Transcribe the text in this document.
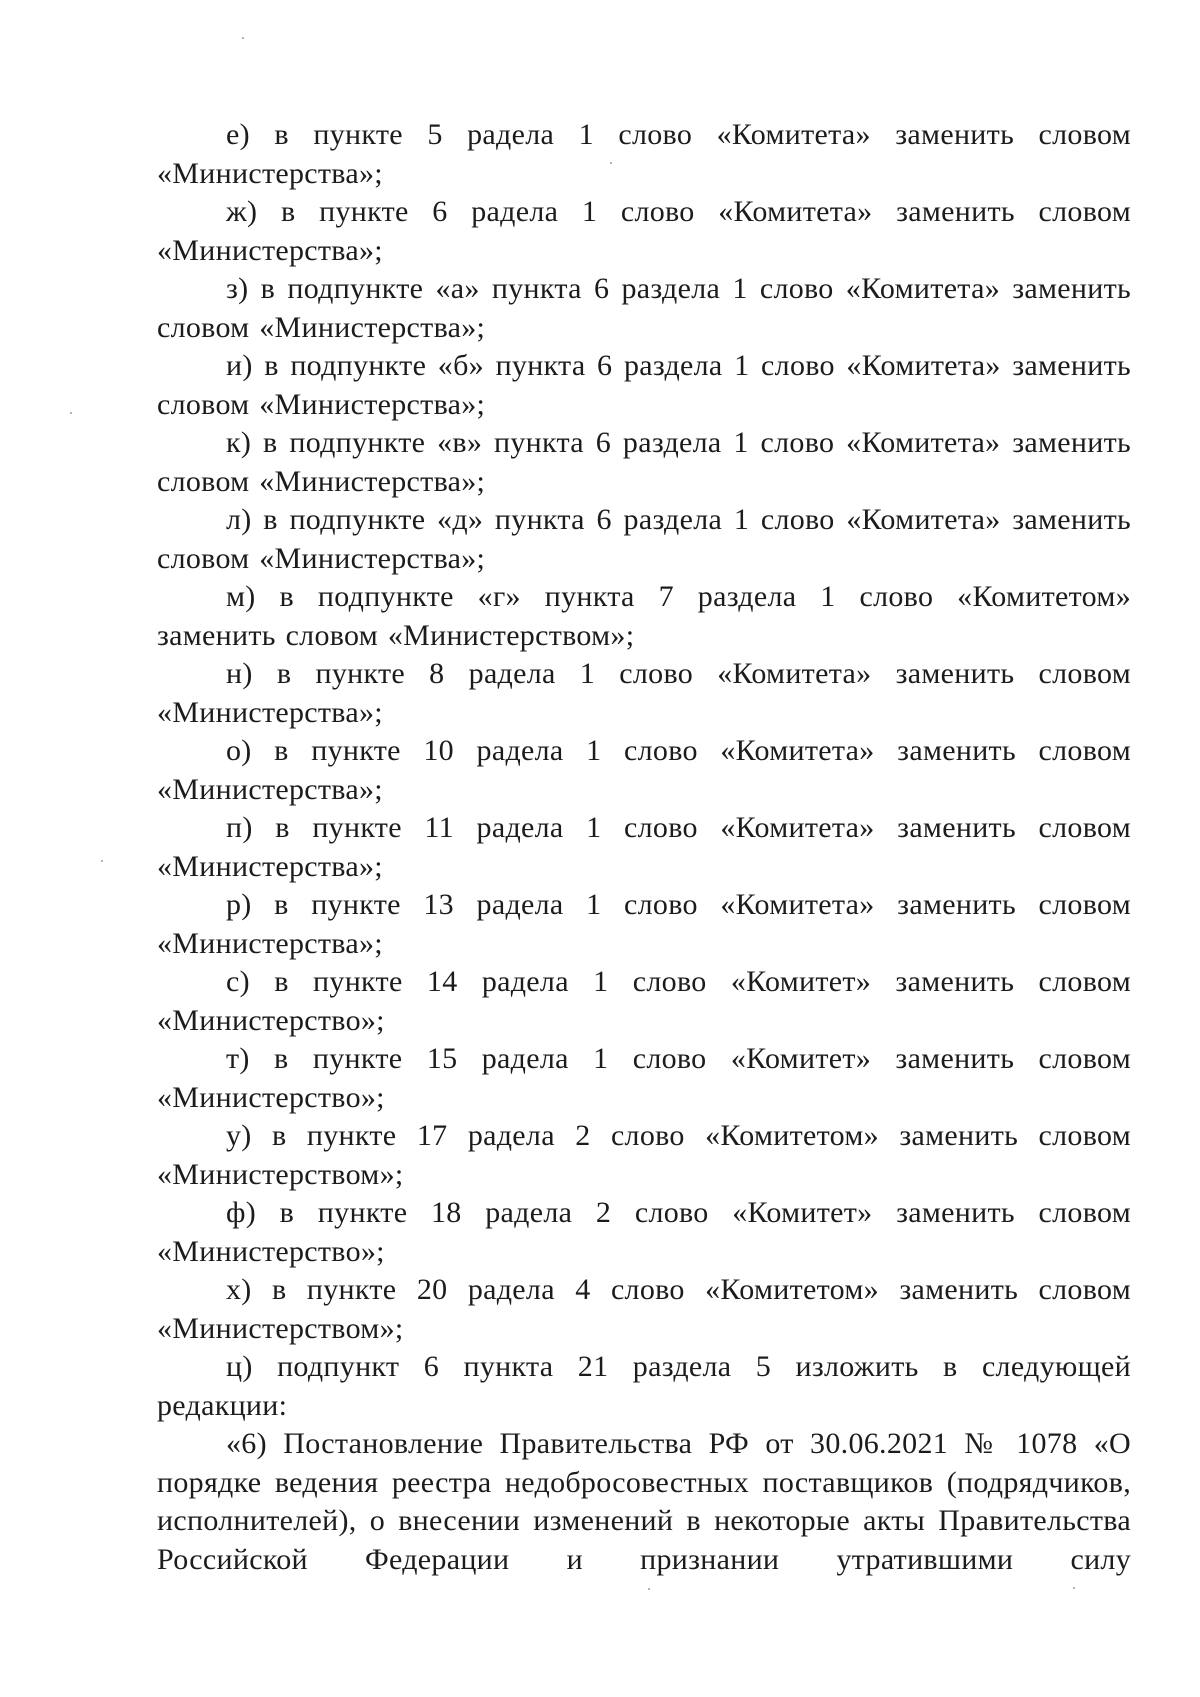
е) в пункте 5 радела 1 слово «Комитета» заменить словом «Министерства»;

ж) в пункте 6 радела 1 слово «Комитета» заменить словом «Министерства»;

з) в подпункте «а» пункта 6 раздела 1 слово «Комитета» заменить словом «Министерства»;

и) в подпункте «б» пункта 6 раздела 1 слово «Комитета» заменить словом «Министерства»;

к) в подпункте «в» пункта 6 раздела 1 слово «Комитета» заменить словом «Министерства»;

л) в подпункте «д» пункта 6 раздела 1 слово «Комитета» заменить словом «Министерства»;

м) в подпункте «г» пункта 7 раздела 1 слово «Комитетом» заменить словом «Министерством»;

н) в пункте 8 радела 1 слово «Комитета» заменить словом «Министерства»;

о) в пункте 10 радела 1 слово «Комитета» заменить словом «Министерства»;

п) в пункте 11 радела 1 слово «Комитета» заменить словом «Министерства»;

р) в пункте 13 радела 1 слово «Комитета» заменить словом «Министерства»;

с) в пункте 14 радела 1 слово «Комитет» заменить словом «Министерство»;

т) в пункте 15 радела 1 слово «Комитет» заменить словом «Министерство»;

у) в пункте 17 радела 2 слово «Комитетом» заменить словом «Министерством»;

ф) в пункте 18 радела 2 слово «Комитет» заменить словом «Министерство»;

х) в пункте 20 радела 4 слово «Комитетом» заменить словом «Министерством»;

ц) подпункт 6 пункта 21 раздела 5 изложить в следующей редакции:

«6) Постановление Правительства РФ от 30.06.2021 № 1078 «О порядке ведения реестра недобросовестных поставщиков (подрядчиков, исполнителей), о внесении изменений в некоторые акты Правительства Российской Федерации и признании утратившими силу
